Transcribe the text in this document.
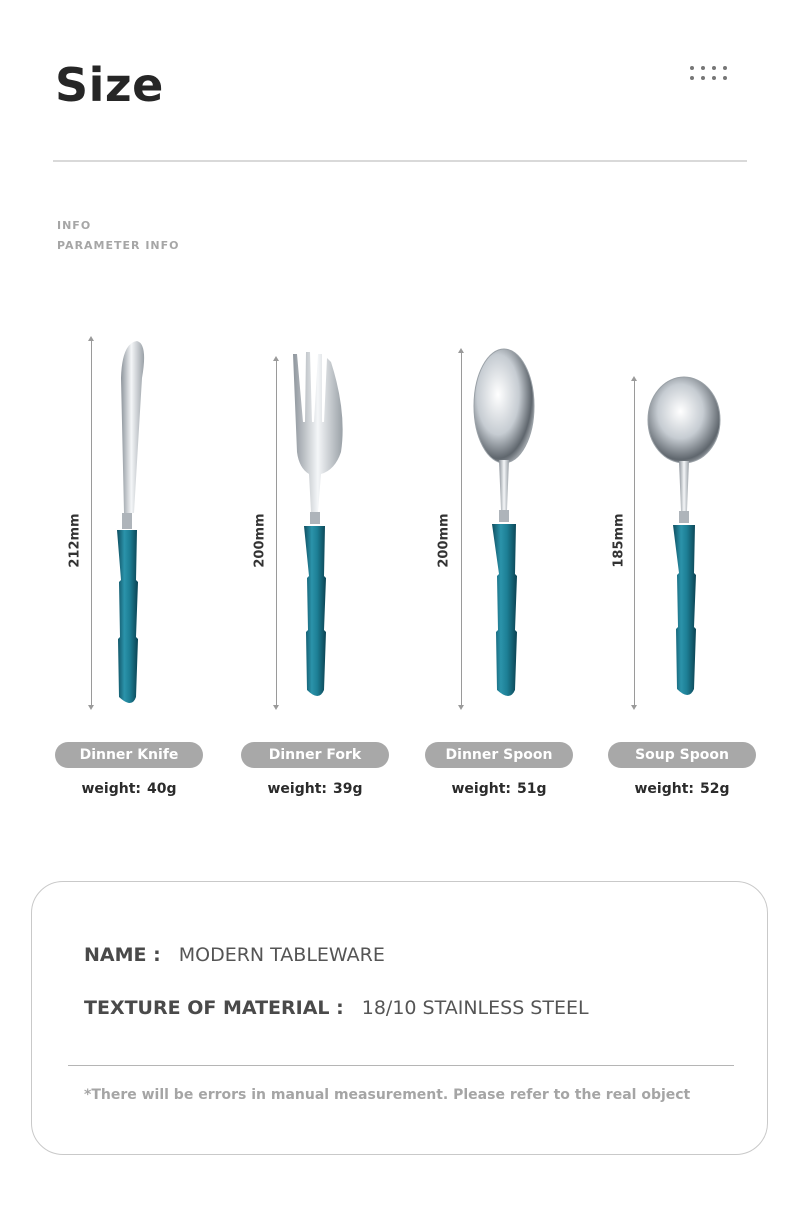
Size
INFO
PARAMETER INFO
212mm
Dinner Knife
weight: 40g
200mm
Dinner Fork
weight: 39g
200mm
Dinner Spoon
weight: 51g
185mm
Soup Spoon
weight: 52g
NAME : MODERN TABLEWARE
TEXTURE OF MATERIAL : 18/10 STAINLESS STEEL
*There will be errors in manual measurement. Please refer to the real object
